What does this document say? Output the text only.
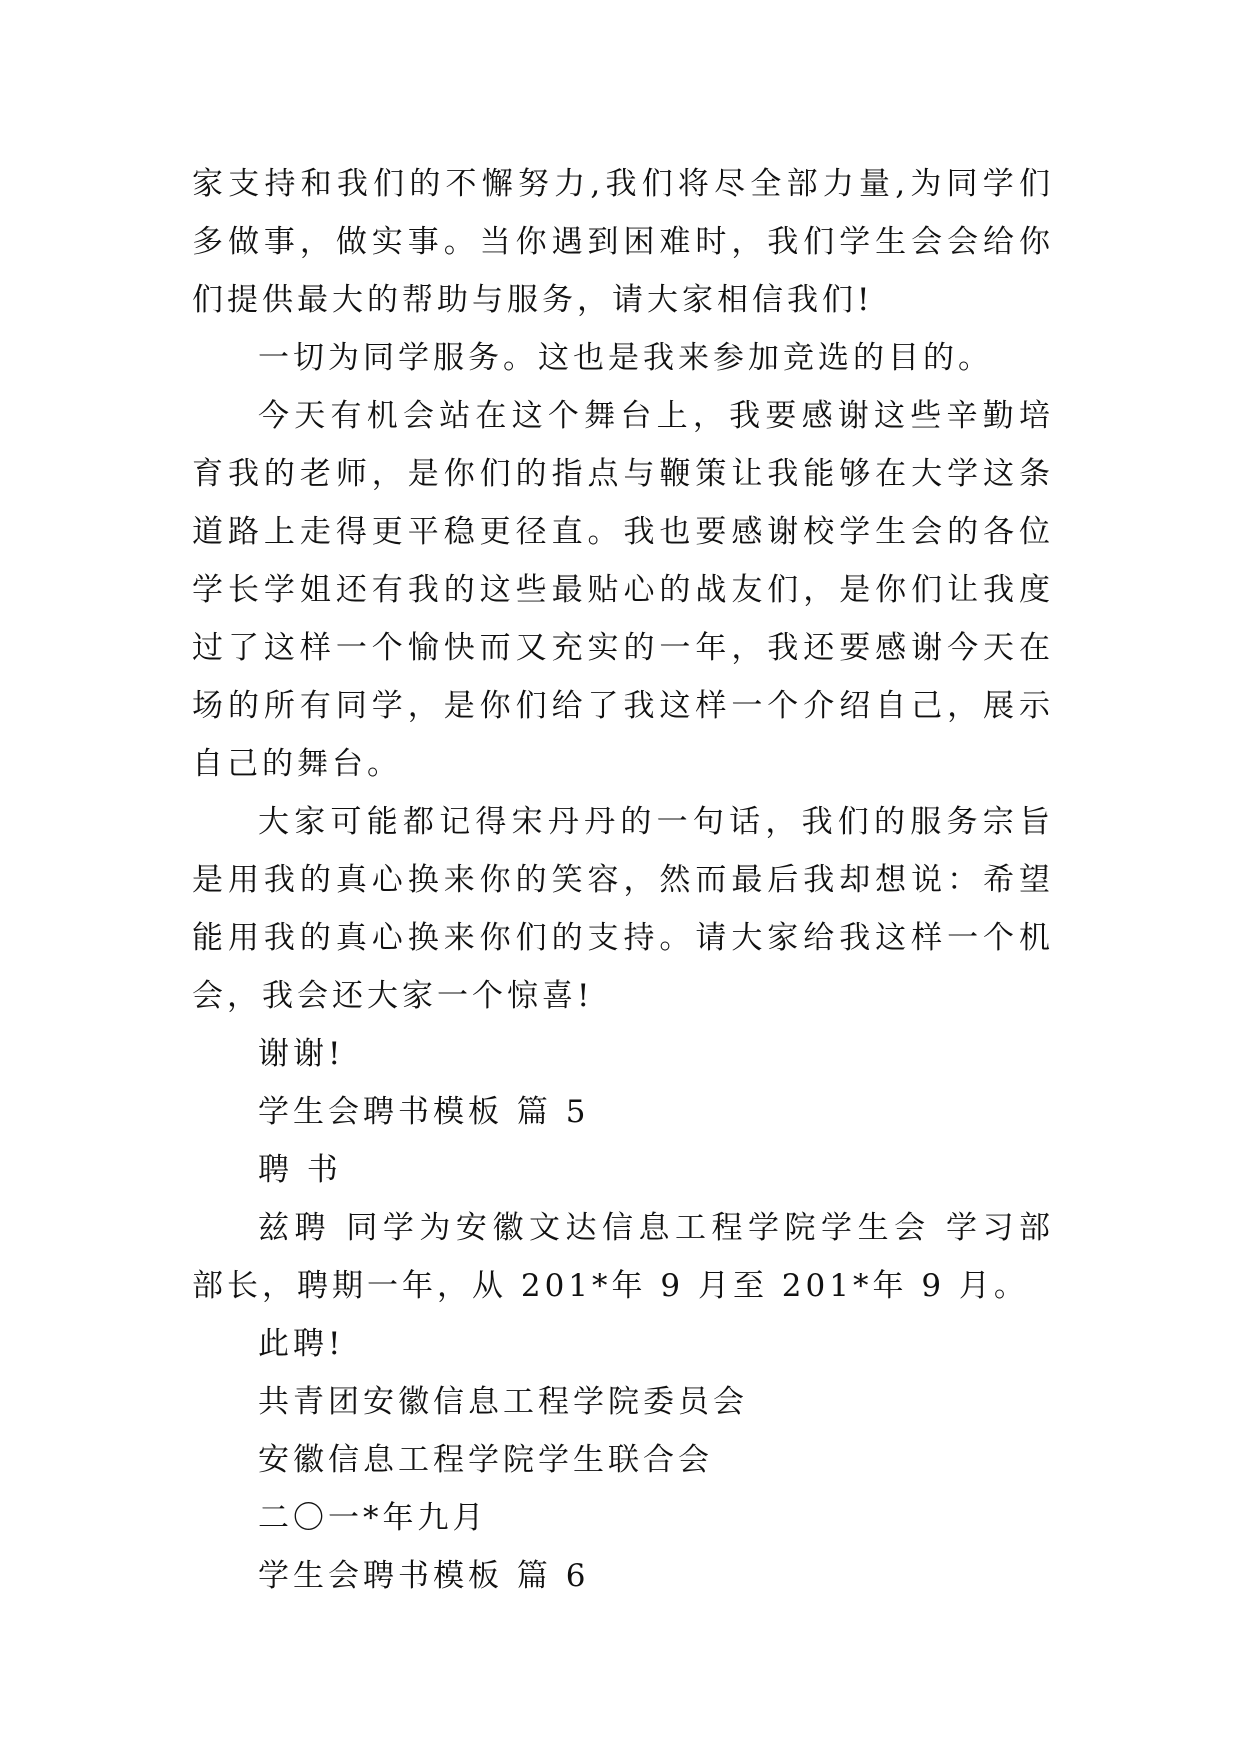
家支持和我们的不懈努力,我们将尽全部力量,为同学们多做事，做实事。当你遇到困难时，我们学生会会给你们提供最大的帮助与服务，请大家相信我们!

一切为同学服务。这也是我来参加竞选的目的。

今天有机会站在这个舞台上，我要感谢这些辛勤培育我的老师，是你们的指点与鞭策让我能够在大学这条道路上走得更平稳更径直。我也要感谢校学生会的各位学长学姐还有我的这些最贴心的战友们，是你们让我度过了这样一个愉快而又充实的一年，我还要感谢今天在场的所有同学，是你们给了我这样一个介绍自己，展示自己的舞台。

大家可能都记得宋丹丹的一句话，我们的服务宗旨是用我的真心换来你的笑容，然而最后我却想说：希望能用我的真心换来你们的支持。请大家给我这样一个机会，我会还大家一个惊喜!

谢谢!

学生会聘书模板 篇 5

聘 书

兹聘 同学为安徽文达信息工程学院学生会 学习部部长，聘期一年，从 201*年 9 月至 201*年 9 月。

此聘!

共青团安徽信息工程学院委员会

安徽信息工程学院学生联合会

二〇一*年九月

学生会聘书模板 篇 6
